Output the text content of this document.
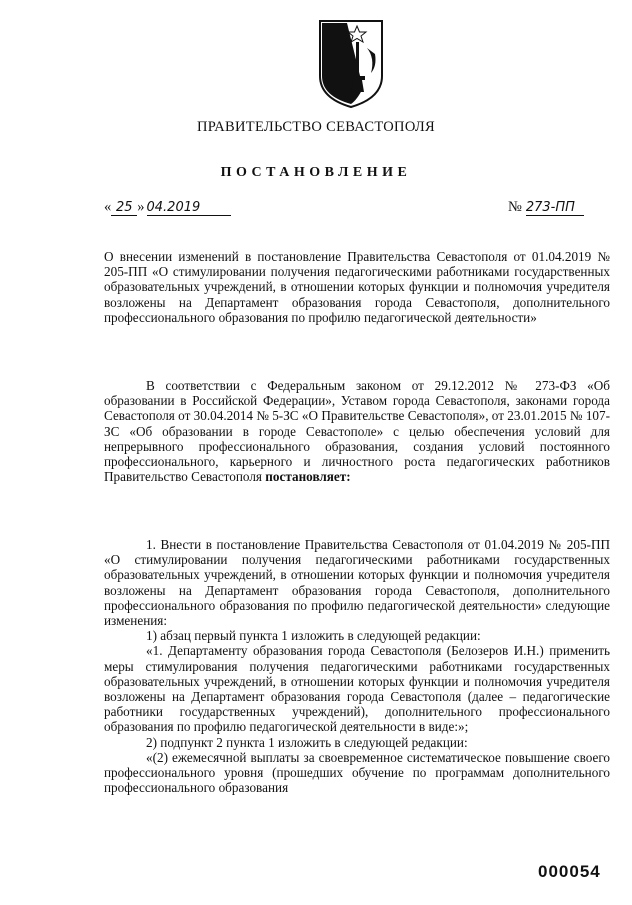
ПРАВИТЕЛЬСТВО СЕВАСТОПОЛЯ
ПОСТАНОВЛЕНИЕ
« 25 » 04.2019	№ 273-ПП
О внесении изменений в постановление Правительства Севастополя от 01.04.2019 № 205-ПП «О стимулировании получения педагогическими работниками государственных образовательных учреждений, в отношении которых функции и полномочия учредителя возложены на Департамент образования города Севастополя, дополнительного профессионального образования по профилю педагогической деятельности»
В соответствии с Федеральным законом от 29.12.2012 № 273-ФЗ «Об образовании в Российской Федерации», Уставом города Севастополя, законами города Севастополя от 30.04.2014 № 5-ЗС «О Правительстве Севастополя», от 23.01.2015 № 107-ЗС «Об образовании в городе Севастополе» с целью обеспечения условий для непрерывного профессионального образования, создания условий постоянного профессионального, карьерного и личностного роста педагогических работников Правительство Севастополя постановляет:

1. Внести в постановление Правительства Севастополя от 01.04.2019 № 205-ПП «О стимулировании получения педагогическими работниками государственных образовательных учреждений, в отношении которых функции и полномочия учредителя возложены на Департамент образования города Севастополя, дополнительного профессионального образования по профилю педагогической деятельности» следующие изменения:

1) абзац первый пункта 1 изложить в следующей редакции:

«1. Департаменту образования города Севастополя (Белозеров И.Н.) применить меры стимулирования получения педагогическими работниками государственных образовательных учреждений, в отношении которых функции и полномочия учредителя возложены на Департамент образования города Севастополя (далее – педагогические работники государственных учреждений), дополнительного профессионального образования по профилю педагогической деятельности в виде:»;

2) подпункт 2 пункта 1 изложить в следующей редакции:

«(2) ежемесячной выплаты за своевременное систематическое повышение своего профессионального уровня (прошедших обучение по программам дополнительного профессионального образования

000054
